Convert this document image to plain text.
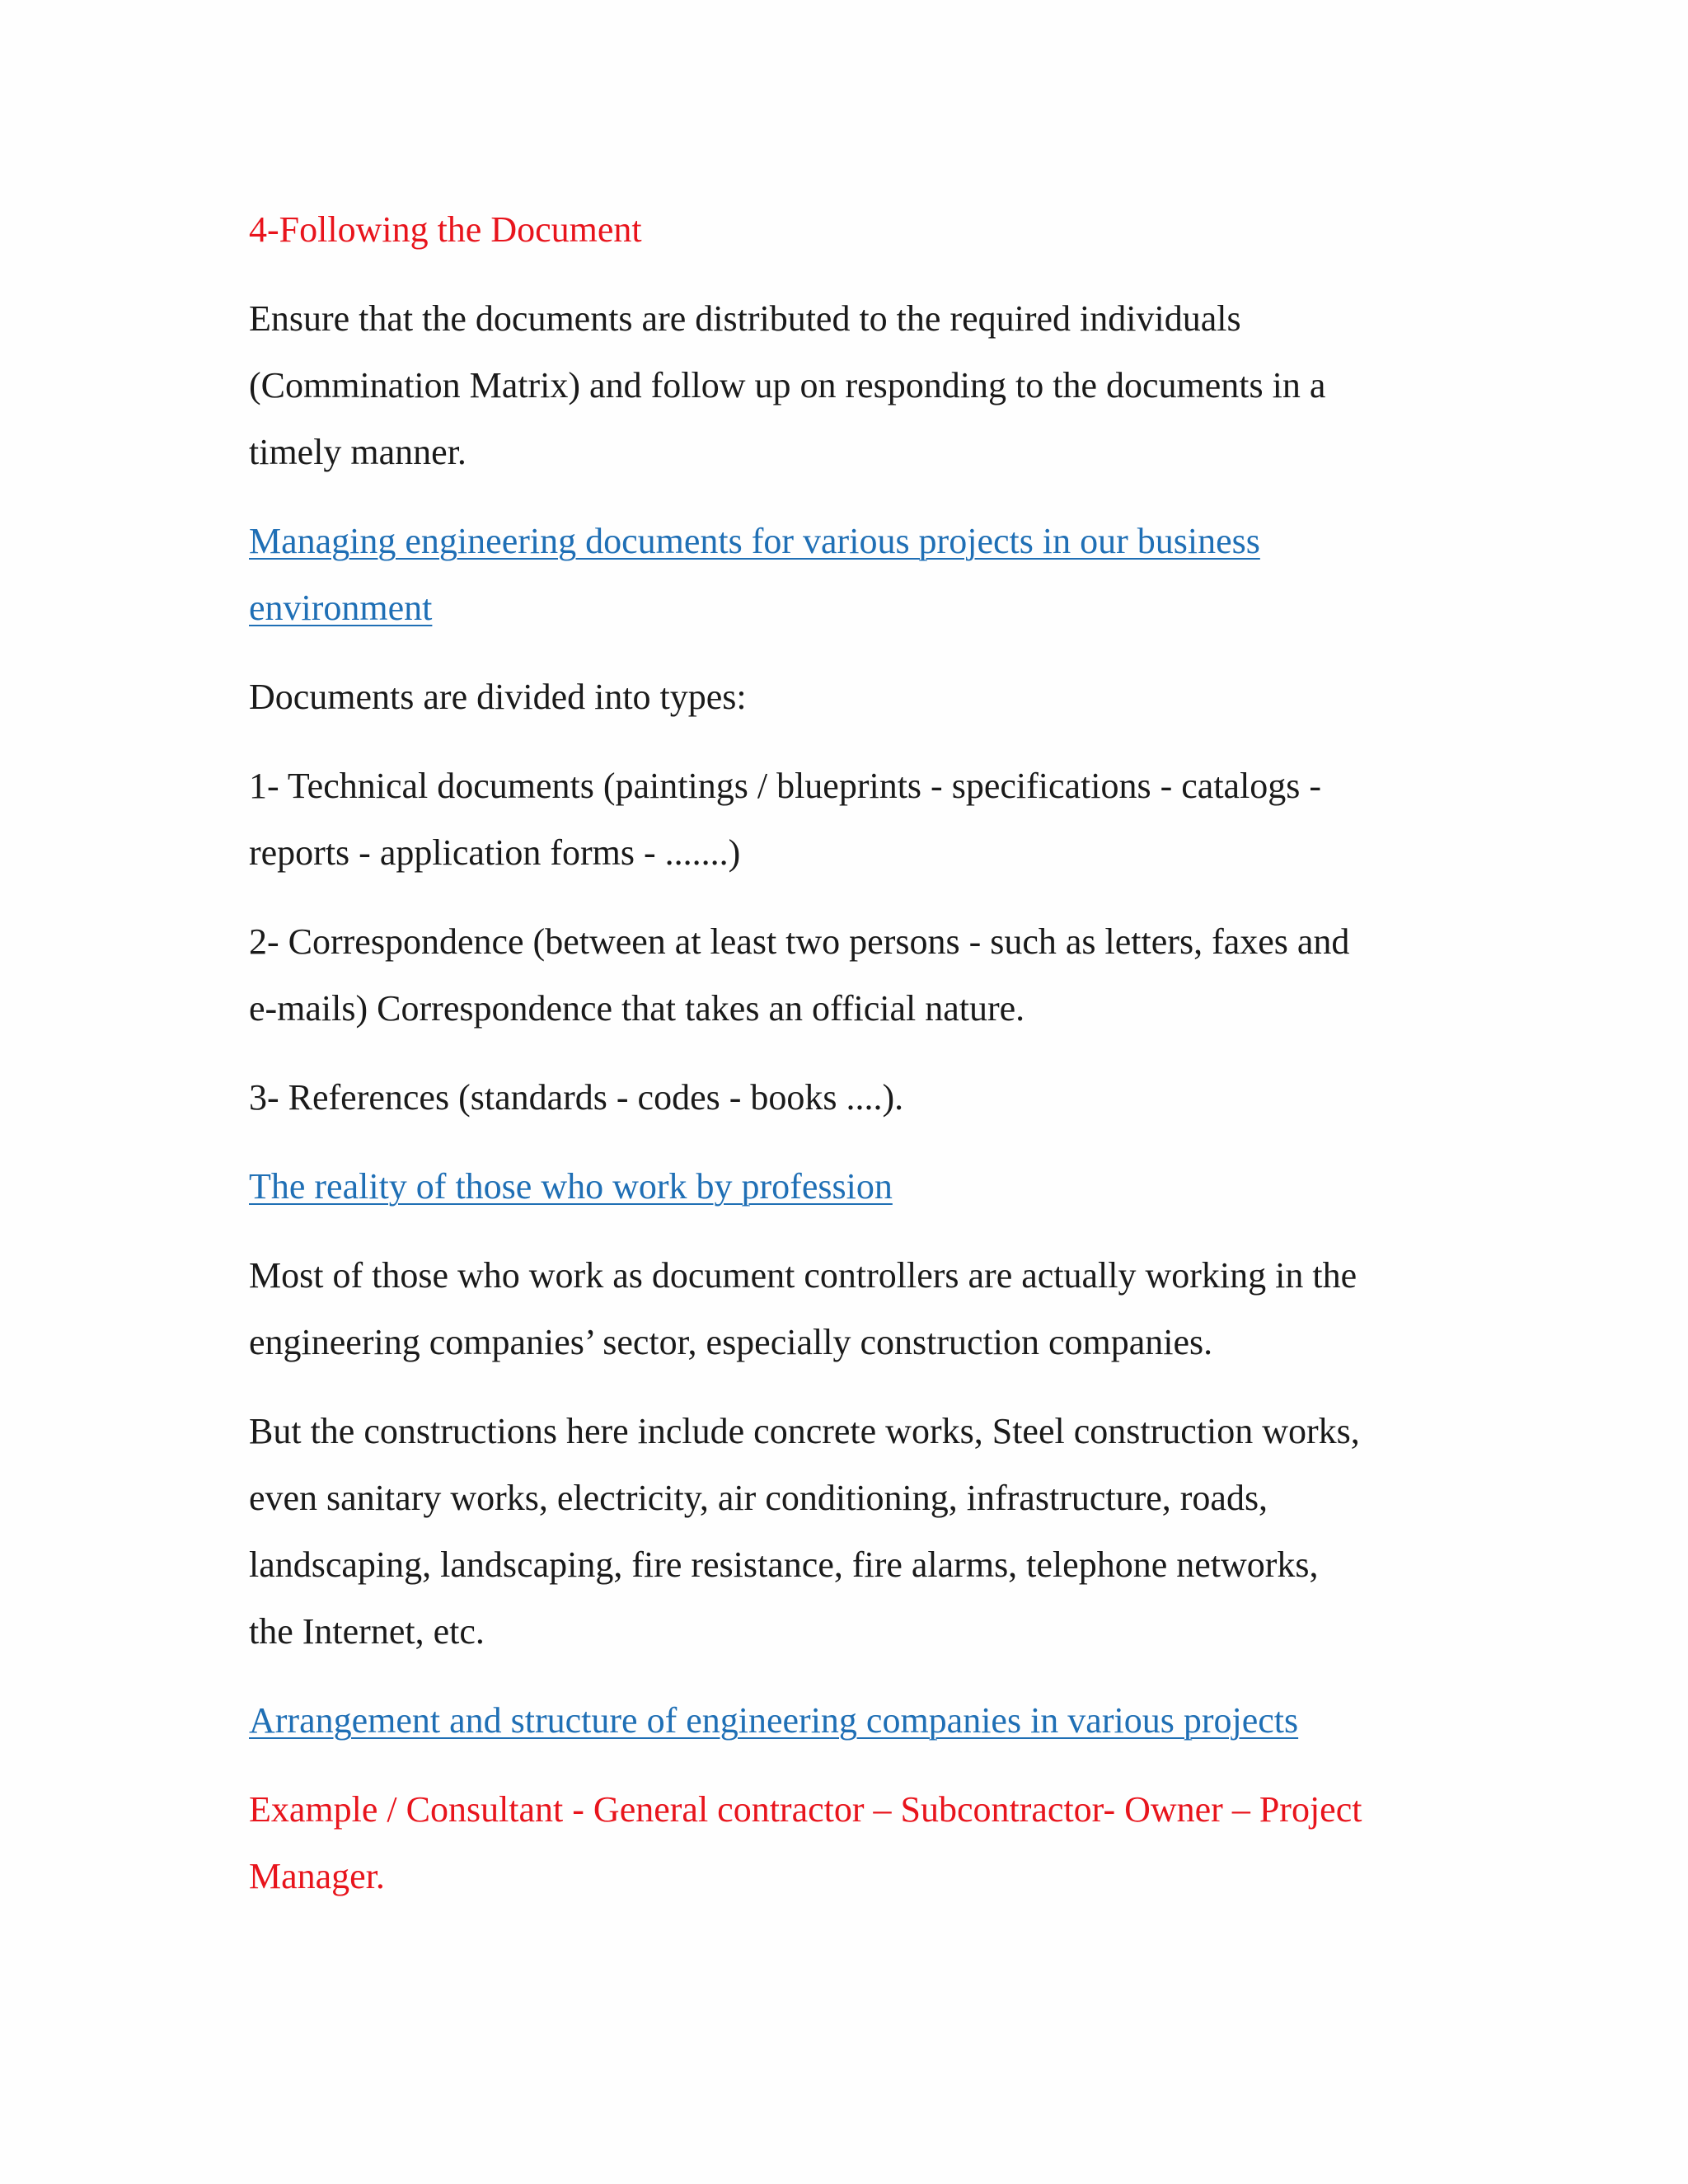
4-Following the Document

Ensure that the documents are distributed to the required individuals
(Commination Matrix) and follow up on responding to the documents in a
timely manner.

Managing engineering documents for various projects in our business
environment

Documents are divided into types:

1- Technical documents (paintings / blueprints - specifications - catalogs -
reports - application forms - .......)

2- Correspondence (between at least two persons - such as letters, faxes and
e-mails) Correspondence that takes an official nature.

3- References (standards - codes - books ....).

The reality of those who work by profession

Most of those who work as document controllers are actually working in the
engineering companies’ sector, especially construction companies.

But the constructions here include concrete works, Steel construction works,
even sanitary works, electricity, air conditioning, infrastructure, roads,
landscaping, landscaping, fire resistance, fire alarms, telephone networks,
the Internet, etc.

Arrangement and structure of engineering companies in various projects

Example / Consultant - General contractor – Subcontractor- Owner – Project
Manager.
